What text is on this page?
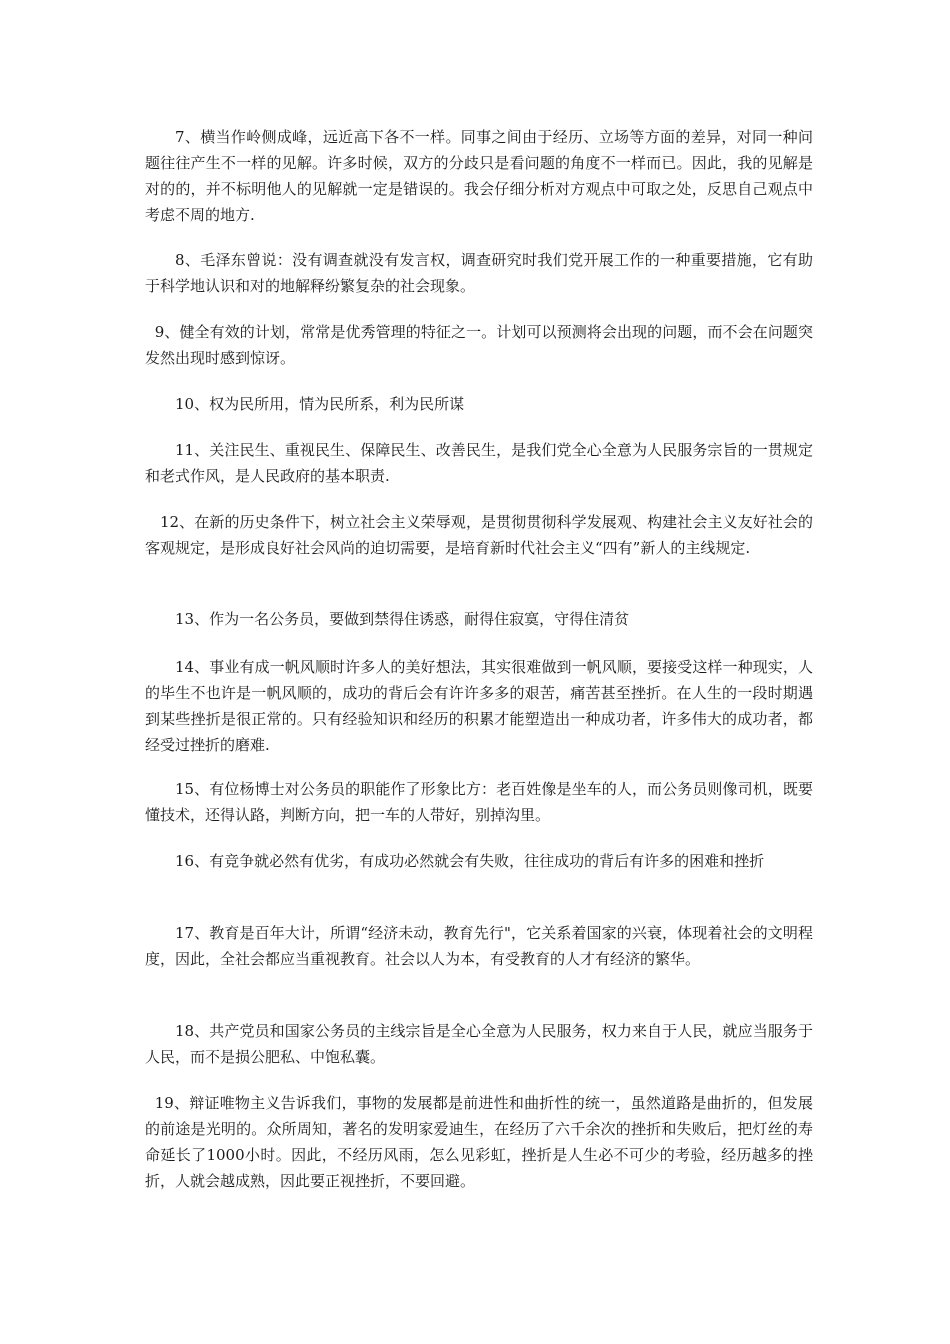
7、横当作岭侧成峰，远近高下各不一样。同事之间由于经历、立场等方面的差异，对同一种问题往往产生不一样的见解。许多时候，双方的分歧只是看问题的角度不一样而已。因此，我的见解是对的的，并不标明他人的见解就一定是错误的。我会仔细分析对方观点中可取之处，反思自己观点中考虑不周的地方.

8、毛泽东曾说：没有调查就没有发言权，调查研究时我们党开展工作的一种重要措施，它有助于科学地认识和对的地解释纷繁复杂的社会现象。

9、健全有效的计划，常常是优秀管理的特征之一。计划可以预测将会出现的问题，而不会在问题突发然出现时感到惊讶。

10、权为民所用，情为民所系，利为民所谋

11、关注民生、重视民生、保障民生、改善民生，是我们党全心全意为人民服务宗旨的一贯规定和老式作风，是人民政府的基本职责.

12、在新的历史条件下，树立社会主义荣辱观，是贯彻贯彻科学发展观、构建社会主义友好社会的客观规定，是形成良好社会风尚的迫切需要，是培育新时代社会主义“四有”新人的主线规定.

13、作为一名公务员，要做到禁得住诱惑，耐得住寂寞，守得住清贫

14、事业有成一帆风顺时许多人的美好想法，其实很难做到一帆风顺，要接受这样一种现实，人的毕生不也许是一帆风顺的，成功的背后会有许许多多的艰苦，痛苦甚至挫折。在人生的一段时期遇到某些挫折是很正常的。只有经验知识和经历的积累才能塑造出一种成功者，许多伟大的成功者，都经受过挫折的磨难.

15、有位杨博士对公务员的职能作了形象比方：老百姓像是坐车的人，而公务员则像司机，既要懂技术，还得认路，判断方向，把一车的人带好，别掉沟里。

16、有竞争就必然有优劣，有成功必然就会有失败，往往成功的背后有许多的困难和挫折

17、教育是百年大计，所谓“经济未动，教育先行"，它关系着国家的兴衰，体现着社会的文明程度，因此，全社会都应当重视教育。社会以人为本，有受教育的人才有经济的繁华。

18、共产党员和国家公务员的主线宗旨是全心全意为人民服务，权力来自于人民，就应当服务于人民，而不是损公肥私、中饱私囊。

19、辩证唯物主义告诉我们，事物的发展都是前进性和曲折性的统一，虽然道路是曲折的，但发展的前途是光明的。众所周知，著名的发明家爱迪生，在经历了六千余次的挫折和失败后，把灯丝的寿命延长了1000小时。因此，不经历风雨，怎么见彩虹，挫折是人生必不可少的考验，经历越多的挫折，人就会越成熟，因此要正视挫折，不要回避。
